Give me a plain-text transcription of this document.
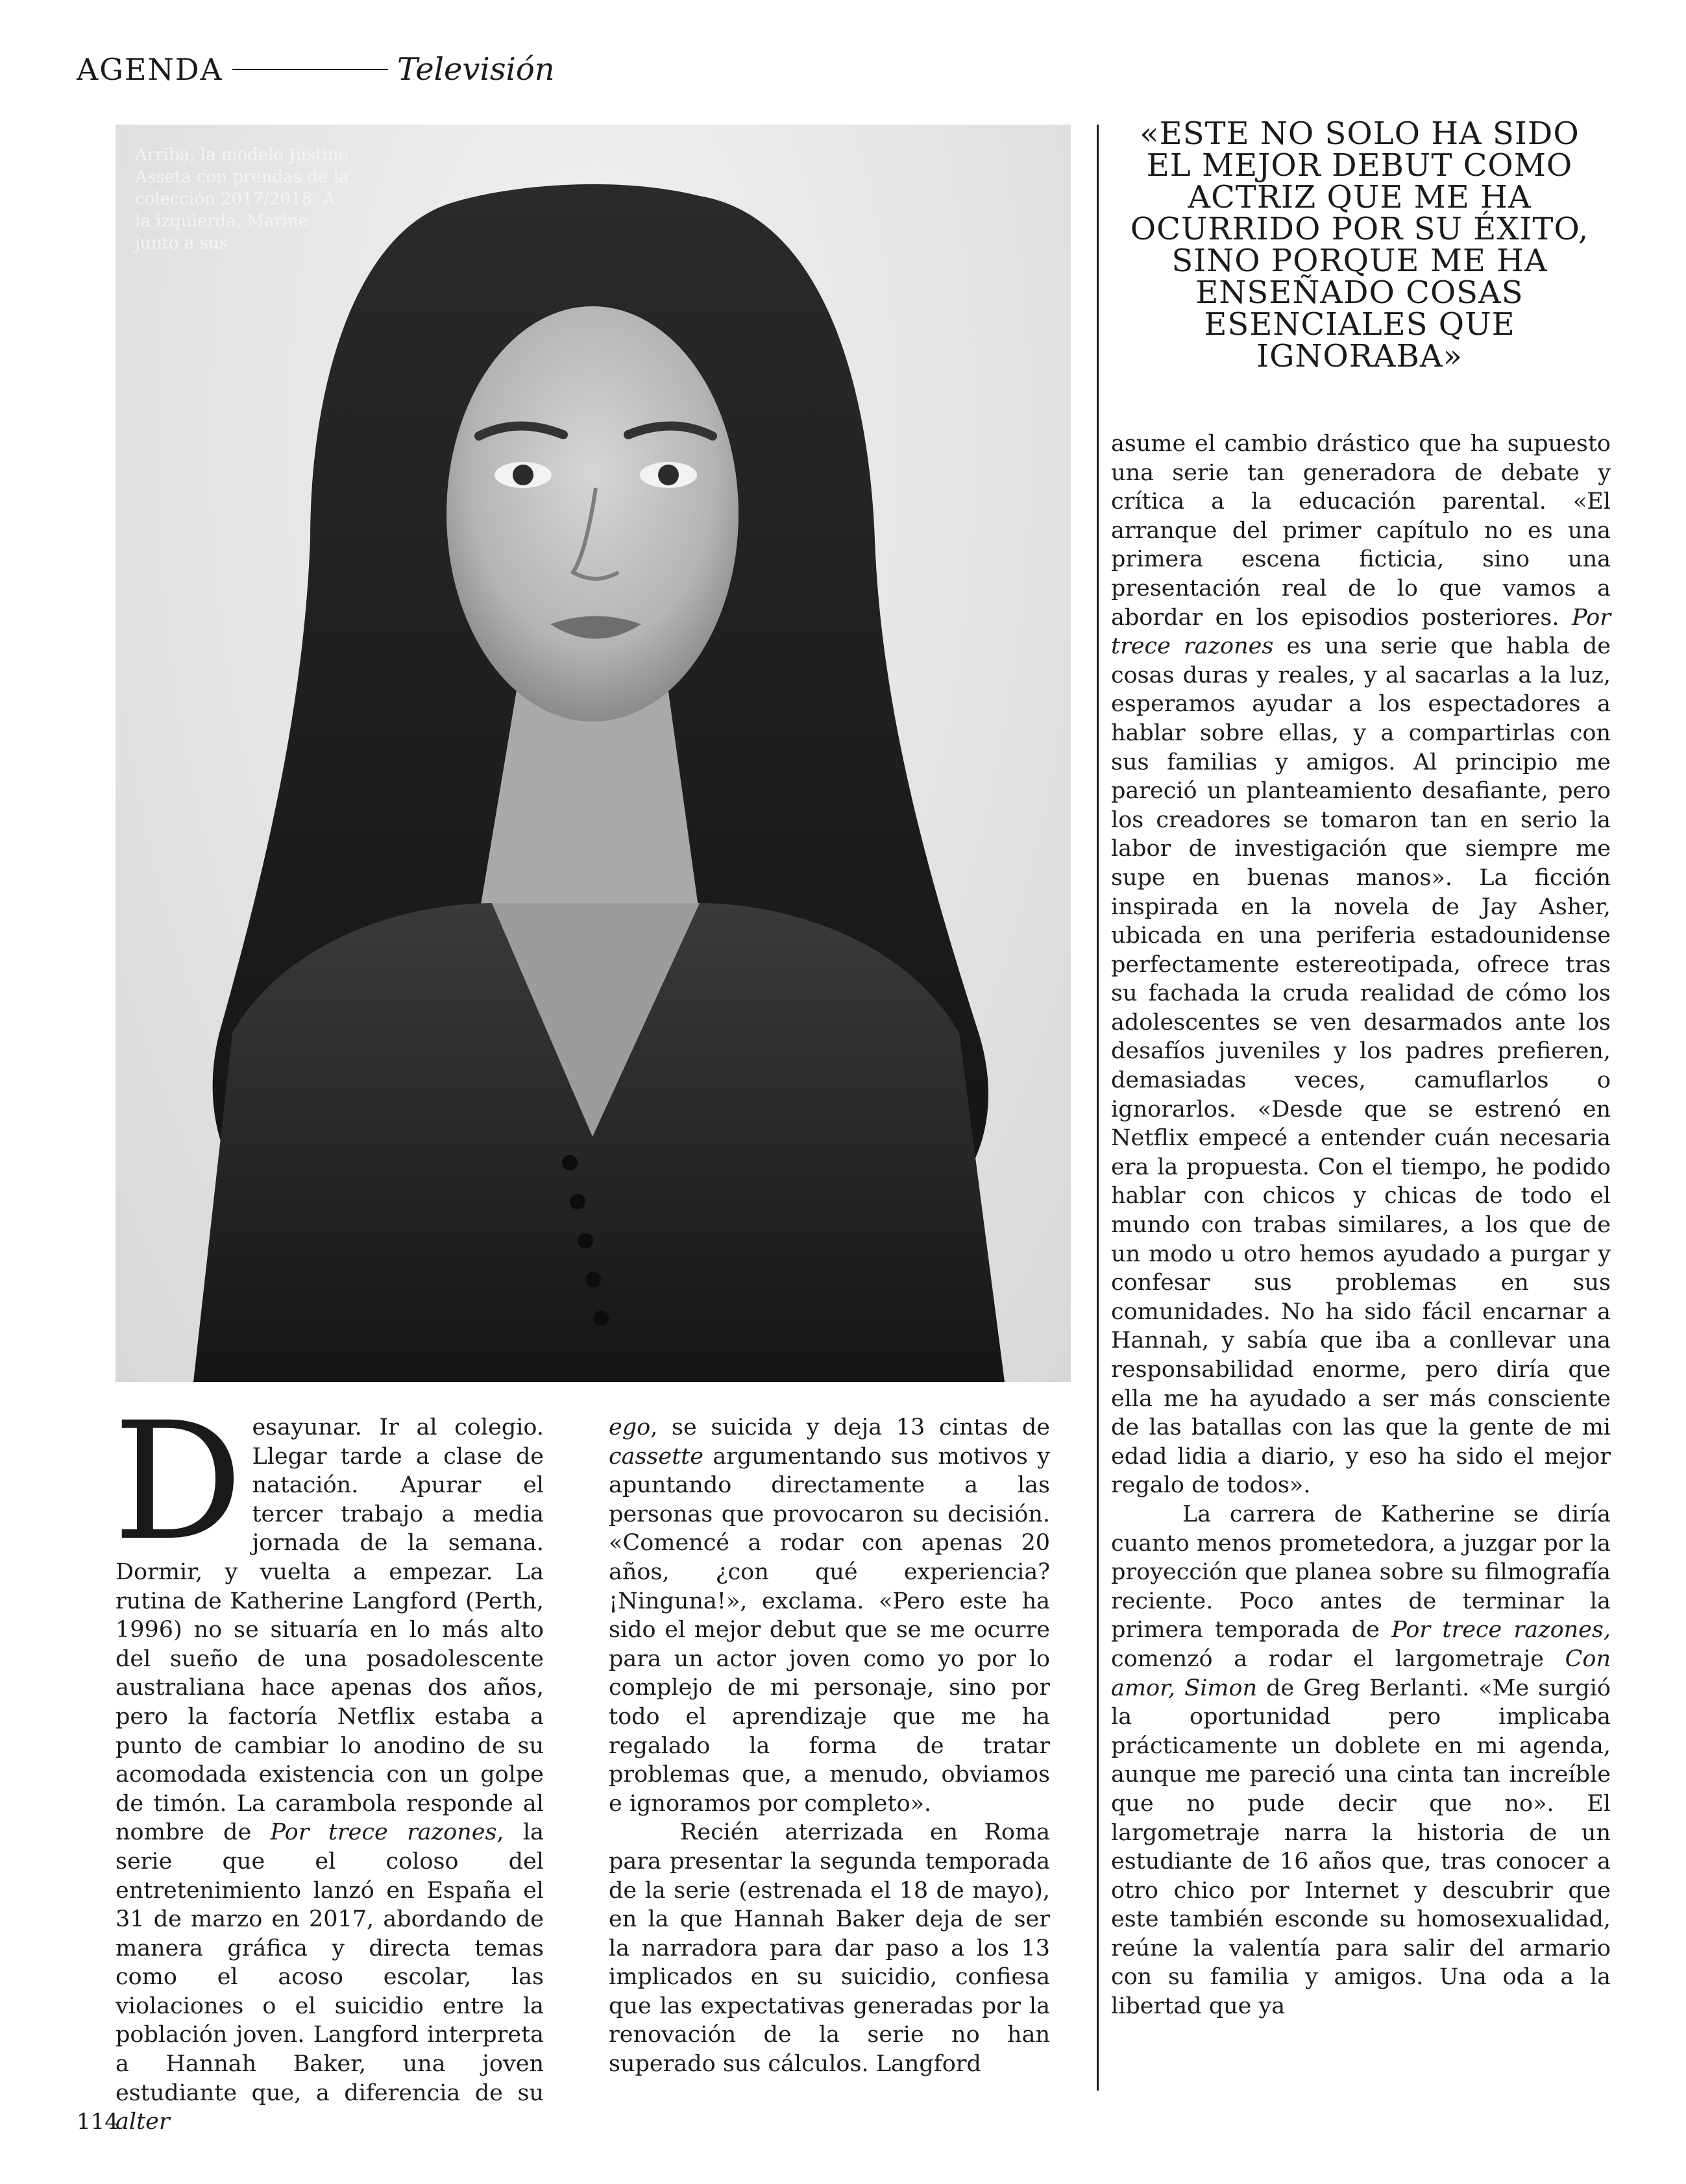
AGENDA	Televisión
Arriba, la modelo Justine Asseta con prendas de la colección 2017/2018. A la izquierda, Marine junto a sus
«ESTE NO SOLO HA SIDO EL MEJOR DEBUT COMO ACTRIZ QUE ME HA OCURRIDO POR SU ÉXITO, SINO PORQUE ME HA ENSEÑADO COSAS ESENCIALES QUE IGNORABA»

Desayunar. Ir al colegio. Llegar tarde a clase de natación. Apurar el tercer trabajo a media jornada de la semana. Dormir, y vuelta a empezar. La rutina de Katherine Langford (Perth, 1996) no se situaría en lo más alto del sueño de una posadolescente australiana hace apenas dos años, pero la factoría Netflix estaba a punto de cambiar lo anodino de su acomodada existencia con un golpe de timón. La carambola responde al nombre de Por trece razones, la serie que el coloso del entretenimiento lanzó en España el 31 de marzo en 2017, abordando de manera gráfica y directa temas como el acoso escolar, las violaciones o el suicidio entre la población joven. Langford interpreta a Hannah Baker, una joven estudiante que, a diferencia de su alter

ego, se suicida y deja 13 cintas de cassette argumentando sus motivos y apuntando directamente a las personas que provocaron su decisión. «Comencé a rodar con apenas 20 años, ¿con qué experiencia? ¡Ninguna!», exclama. «Pero este ha sido el mejor debut que se me ocurre para un actor joven como yo por lo complejo de mi personaje, sino por todo el aprendizaje que me ha regalado la forma de tratar problemas que, a menudo, obviamos e ignoramos por completo».

Recién aterrizada en Roma para presentar la segunda temporada de la serie (estrenada el 18 de mayo), en la que Hannah Baker deja de ser la narradora para dar paso a los 13 implicados en su suicidio, confiesa que las expectativas generadas por la renovación de la serie no han superado sus cálculos. Langford

asume el cambio drástico que ha supuesto una serie tan generadora de debate y crítica a la educación parental. «El arranque del primer capítulo no es una primera escena ficticia, sino una presentación real de lo que vamos a abordar en los episodios posteriores. Por trece razones es una serie que habla de cosas duras y reales, y al sacarlas a la luz, esperamos ayudar a los espectadores a hablar sobre ellas, y a compartirlas con sus familias y amigos. Al principio me pareció un planteamiento desafiante, pero los creadores se tomaron tan en serio la labor de investigación que siempre me supe en buenas manos». La ficción inspirada en la novela de Jay Asher, ubicada en una periferia estadounidense perfectamente estereotipada, ofrece tras su fachada la cruda realidad de cómo los adolescentes se ven desarmados ante los desafíos juveniles y los padres prefieren, demasiadas veces, camuflarlos o ignorarlos. «Desde que se estrenó en Netflix empecé a entender cuán necesaria era la propuesta. Con el tiempo, he podido hablar con chicos y chicas de todo el mundo con trabas similares, a los que de un modo u otro hemos ayudado a purgar y confesar sus problemas en sus comunidades. No ha sido fácil encarnar a Hannah, y sabía que iba a conllevar una responsabilidad enorme, pero diría que ella me ha ayudado a ser más consciente de las batallas con las que la gente de mi edad lidia a diario, y eso ha sido el mejor regalo de todos».

La carrera de Katherine se diría cuanto menos prometedora, a juzgar por la proyección que planea sobre su filmografía reciente. Poco antes de terminar la primera temporada de Por trece razones, comenzó a rodar el largometraje Con amor, Simon de Greg Berlanti. «Me surgió la oportunidad pero implicaba prácticamente un doblete en mi agenda, aunque me pareció una cinta tan increíble que no pude decir que no». El largometraje narra la historia de un estudiante de 16 años que, tras conocer a otro chico por Internet y descubrir que este también esconde su homosexualidad, reúne la valentía para salir del armario con su familia y amigos. Una oda a la libertad que ya

114
